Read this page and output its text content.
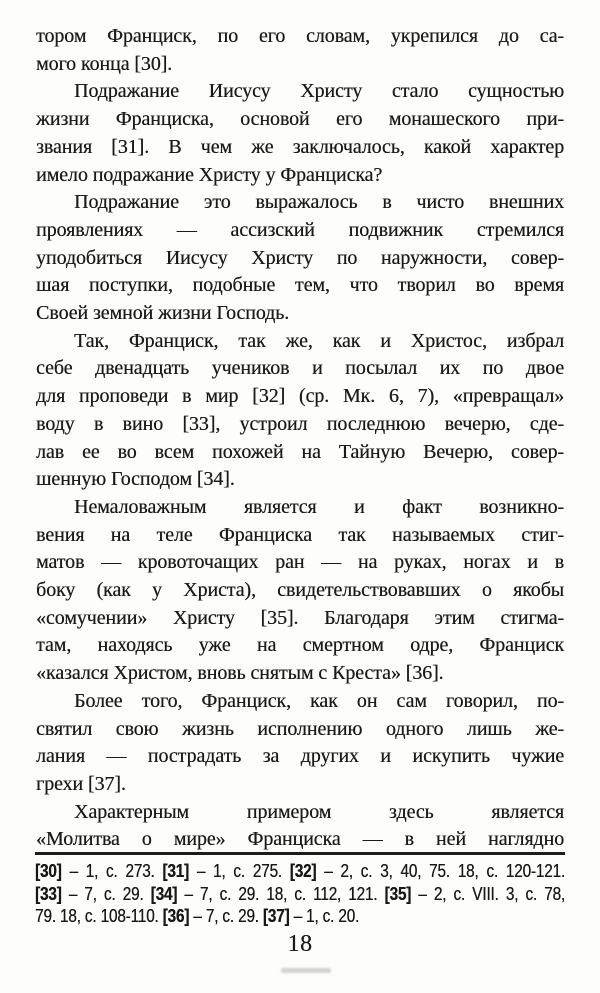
тором Франциск, по его словам, укрепился до са-
мого конца [30].
Подражание Иисусу Христу стало сущностью
жизни Франциска, основой его монашеского при-
звания [31]. В чем же заключалось, какой характер
имело подражание Христу у Франциска?
Подражание это выражалось в чисто внешних
проявлениях — ассизский подвижник стремился
уподобиться Иисусу Христу по наружности, совер-
шая поступки, подобные тем, что творил во время
Своей земной жизни Господь.
Так, Франциск, так же, как и Христос, избрал
себе двенадцать учеников и посылал их по двое
для проповеди в мир [32] (ср. Мк. 6, 7), «превращал»
воду в вино [33], устроил последнюю вечерю, сде-
лав ее во всем похожей на Тайную Вечерю, совер-
шенную Господом [34].
Немаловажным является и факт возникно-
вения на теле Франциска так называемых стиг-
матов — кровоточащих ран — на руках, ногах и в
боку (как у Христа), свидетельствовавших о якобы
«сомучении» Христу [35]. Благодаря этим стигма-
там, находясь уже на смертном одре, Франциск
«казался Христом, вновь снятым с Креста» [36].
Более того, Франциск, как он сам говорил, по-
святил свою жизнь исполнению одного лишь же-
лания — пострадать за других и искупить чужие
грехи [37].
Характерным примером здесь является
«Молитва о мире» Франциска — в ней наглядно
[30] – 1, с. 273. [31] – 1, с. 275. [32] – 2, с. 3, 40, 75. 18, с. 120-121.
[33] – 7, с. 29. [34] – 7, с. 29. 18, с. 112, 121. [35] – 2, с. VIII. 3, с. 78,
79. 18, с. 108-110. [36] – 7, с. 29. [37] – 1, с. 20.
18
